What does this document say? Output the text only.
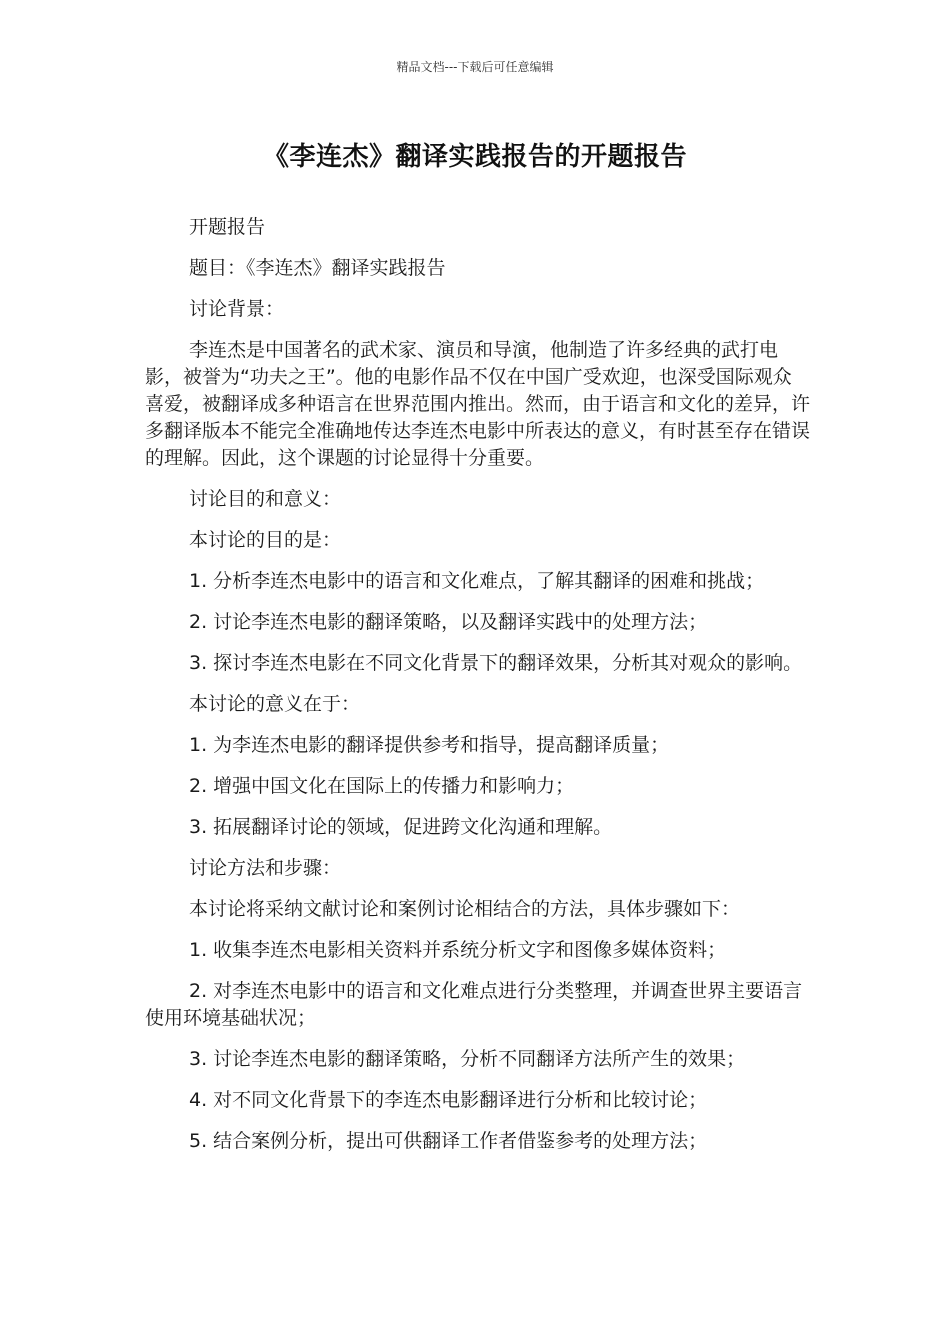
精品文档---下载后可任意编辑
《李连杰》翻译实践报告的开题报告

开题报告

题目：《李连杰》翻译实践报告

讨论背景：

李连杰是中国著名的武术家、演员和导演，他制造了许多经典的武打电影，被誉为“功夫之王”。他的电影作品不仅在中国广受欢迎，也深受国际观众喜爱，被翻译成多种语言在世界范围内推出。然而，由于语言和文化的差异，许多翻译版本不能完全准确地传达李连杰电影中所表达的意义，有时甚至存在错误的理解。因此，这个课题的讨论显得十分重要。

讨论目的和意义：

本讨论的目的是：

1. 分析李连杰电影中的语言和文化难点，了解其翻译的困难和挑战；

2. 讨论李连杰电影的翻译策略，以及翻译实践中的处理方法；

3. 探讨李连杰电影在不同文化背景下的翻译效果，分析其对观众的影响。

本讨论的意义在于：

1. 为李连杰电影的翻译提供参考和指导，提高翻译质量；

2. 增强中国文化在国际上的传播力和影响力；

3. 拓展翻译讨论的领域，促进跨文化沟通和理解。

讨论方法和步骤：

本讨论将采纳文献讨论和案例讨论相结合的方法，具体步骤如下：

1. 收集李连杰电影相关资料并系统分析文字和图像多媒体资料；

2. 对李连杰电影中的语言和文化难点进行分类整理，并调查世界主要语言使用环境基础状况；

3. 讨论李连杰电影的翻译策略，分析不同翻译方法所产生的效果；

4. 对不同文化背景下的李连杰电影翻译进行分析和比较讨论；

5. 结合案例分析，提出可供翻译工作者借鉴参考的处理方法；
